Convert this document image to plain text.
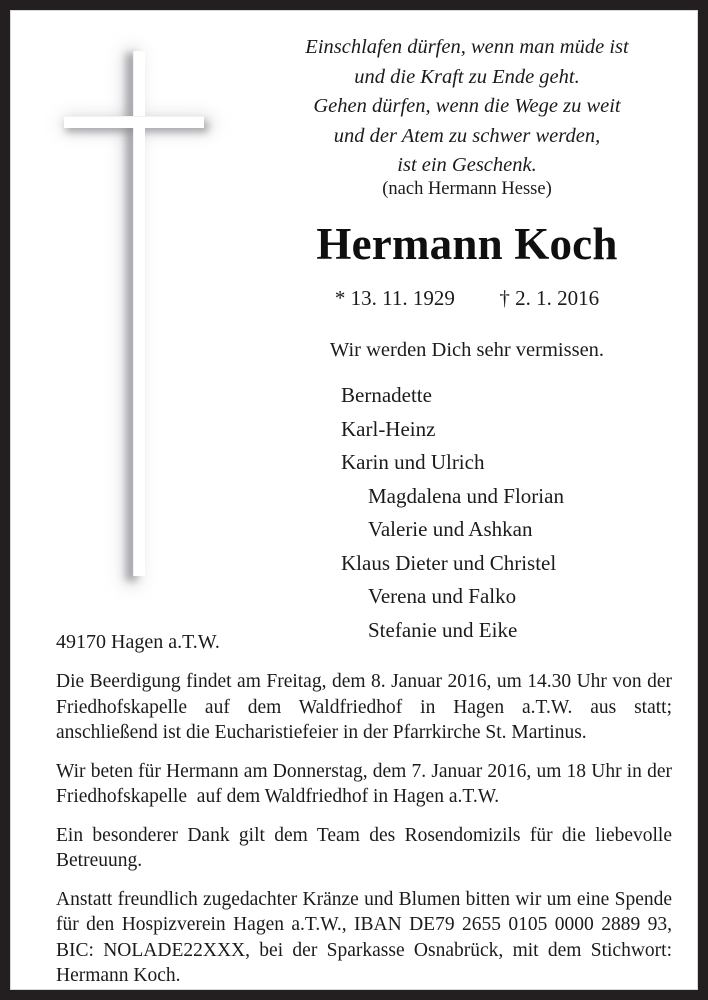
Einschlafen dürfen, wenn man müde ist
und die Kraft zu Ende geht.
Gehen dürfen, wenn die Wege zu weit
und der Atem zu schwer werden,
ist ein Geschenk.
(nach Hermann Hesse)
Hermann Koch
* 13. 11. 1929 † 2. 1. 2016
Wir werden Dich sehr vermissen.
Bernadette
Karl-Heinz
Karin und Ulrich
Magdalena und Florian
Valerie und Ashkan
Klaus Dieter und Christel
Verena und Falko
Stefanie und Eike
49170 Hagen a.T.W.

Die Beerdigung findet am Freitag, dem 8. Januar 2016, um 14.30 Uhr von der Friedhofskapelle auf dem Waldfriedhof in Hagen a.T.W. aus statt; anschließend ist die Eucharistiefeier in der Pfarrkirche St. Martinus.

Wir beten für Hermann am Donnerstag, dem 7. Januar 2016, um 18 Uhr in der Friedhofskapelle  auf dem Waldfriedhof in Hagen a.T.W.

Ein besonderer Dank gilt dem Team des Rosendomizils für die liebevolle Betreuung.

Anstatt freundlich zugedachter Kränze und Blumen bitten wir um eine Spende für den Hospizverein Hagen a.T.W., IBAN DE79 2655 0105 0000 2889 93, BIC: NOLADE22XXX, bei der Sparkasse Osnabrück, mit dem Stichwort: Hermann Koch.
